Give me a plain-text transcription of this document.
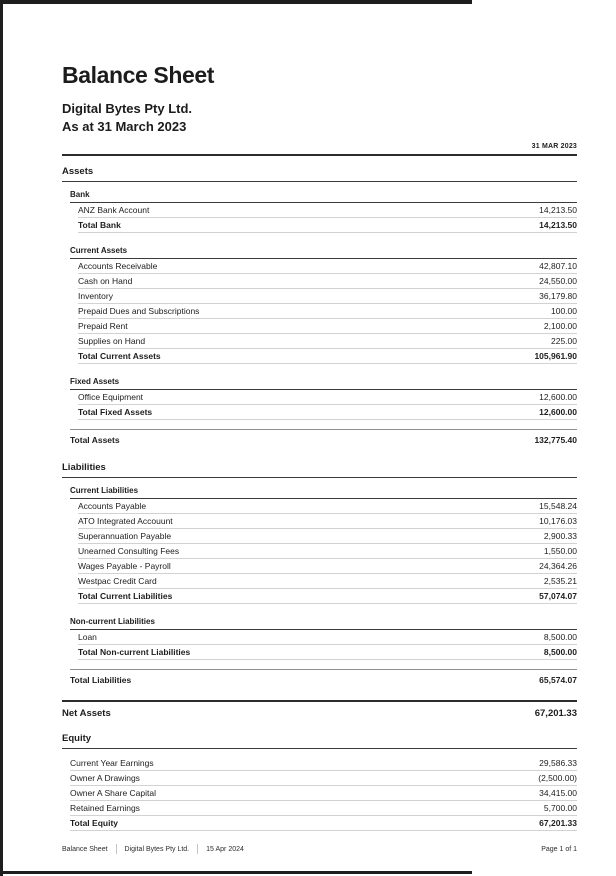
Balance Sheet
Digital Bytes Pty Ltd.
As at 31 March 2023
31 MAR 2023
Assets
Bank
ANZ Bank Account	14,213.50
Total Bank	14,213.50
Current Assets
Accounts Receivable	42,807.10
Cash on Hand	24,550.00
Inventory	36,179.80
Prepaid Dues and Subscriptions	100.00
Prepaid Rent	2,100.00
Supplies on Hand	225.00
Total Current Assets	105,961.90
Fixed Assets
Office Equipment	12,600.00
Total Fixed Assets	12,600.00
Total Assets	132,775.40
Liabilities
Current Liabilities
Accounts Payable	15,548.24
ATO Integrated Accouunt	10,176.03
Superannuation Payable	2,900.33
Unearned Consulting Fees	1,550.00
Wages Payable - Payroll	24,364.26
Westpac Credit Card	2,535.21
Total Current Liabilities	57,074.07
Non-current Liabilities
Loan	8,500.00
Total Non-current Liabilities	8,500.00
Total Liabilities	65,574.07
Net Assets	67,201.33
Equity
Current Year Earnings	29,586.33
Owner A Drawings	(2,500.00)
Owner A Share Capital	34,415.00
Retained Earnings	5,700.00
Total Equity	67,201.33
Balance Sheet Digital Bytes Pty Ltd. 15 Apr 2024	Page 1 of 1
